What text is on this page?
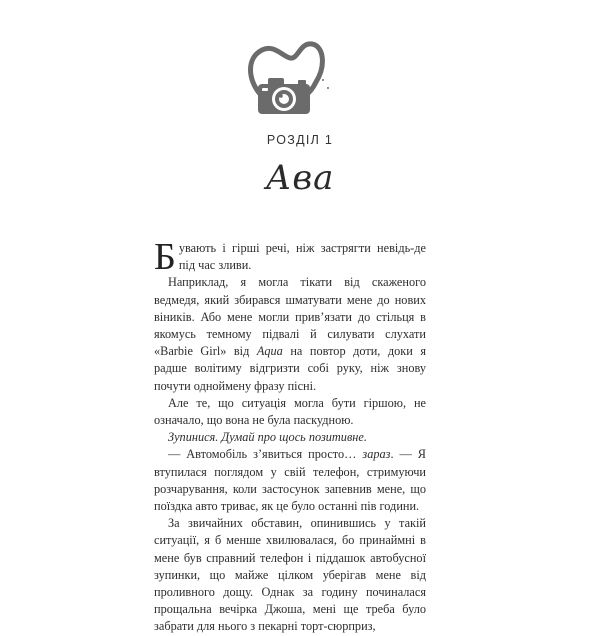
РОЗДІЛ 1
Ава

Бувають і гірші речі, ніж застрягти невідь-де під час зливи.

Наприклад, я могла тікати від скаженого ведмедя, який збирався шматувати мене до нових віників. Або мене могли прив’язати до стільця в якомусь темному підвалі й силувати слухати «Barbie Girl» від Aqua на повтор доти, доки я радше волітиму відгризти собі руку, ніж знову почути одноймену фразу пісні.

Але те, що ситуація могла бути гіршою, не означало, що вона не була паскудною.

Зупинися. Думай про щось позитивне.

— Автомобіль з’явиться просто… зараз. — Я втупилася поглядом у свій телефон, стримуючи розчарування, коли застосунок запевнив мене, що поїздка авто триває, як це було останні пів години.

За звичайних обставин, опинившись у такій ситуації, я б менше хвилювалася, бо принаймні в мене був справний телефон і піддашок автобусної зупинки, що майже цілком уберігав мене від проливного дощу. Однак за годину починалася прощальна вечірка Джоша, мені ще треба було забрати для нього з пекарні торт-сюрприз,
